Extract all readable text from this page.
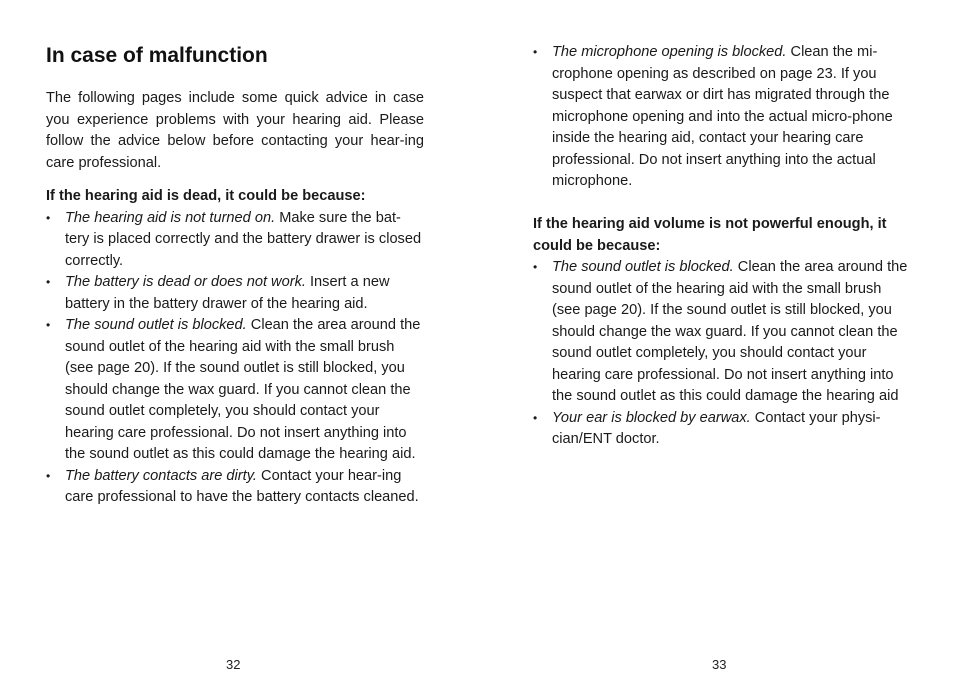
In case of malfunction

The following pages include some quick advice in case you experience problems with your hearing aid. Please follow the advice below before contacting your hear-ing care professional.

If the hearing aid is dead, it could be because:

• The hearing aid is not turned on. Make sure the bat-tery is placed correctly and the battery drawer is closed correctly.
• The battery is dead or does not work. Insert a new battery in the battery drawer of the hearing aid.
• The sound outlet is blocked. Clean the area around the sound outlet of the hearing aid with the small brush (see page 20). If the sound outlet is still blocked, you should change the wax guard. If you cannot clean the sound outlet completely, you should contact your hearing care professional. Do not insert anything into the sound outlet as this could damage the hearing aid.
• The battery contacts are dirty. Contact your hear-ing care professional to have the battery contacts cleaned.
32
• The microphone opening is blocked. Clean the mi-crophone opening as described on page 23. If you suspect that earwax or dirt has migrated through the microphone opening and into the actual micro-phone inside the hearing aid, contact your hearing care professional. Do not insert anything into the actual microphone.

If the hearing aid volume is not powerful enough, it could be because:

• The sound outlet is blocked. Clean the area around the sound outlet of the hearing aid with the small brush (see page 20). If the sound outlet is still blocked, you should change the wax guard. If you cannot clean the sound outlet completely, you should contact your hearing care professional. Do not insert anything into the sound outlet as this could damage the hearing aid
• Your ear is blocked by earwax. Contact your physi-cian/ENT doctor.
33
